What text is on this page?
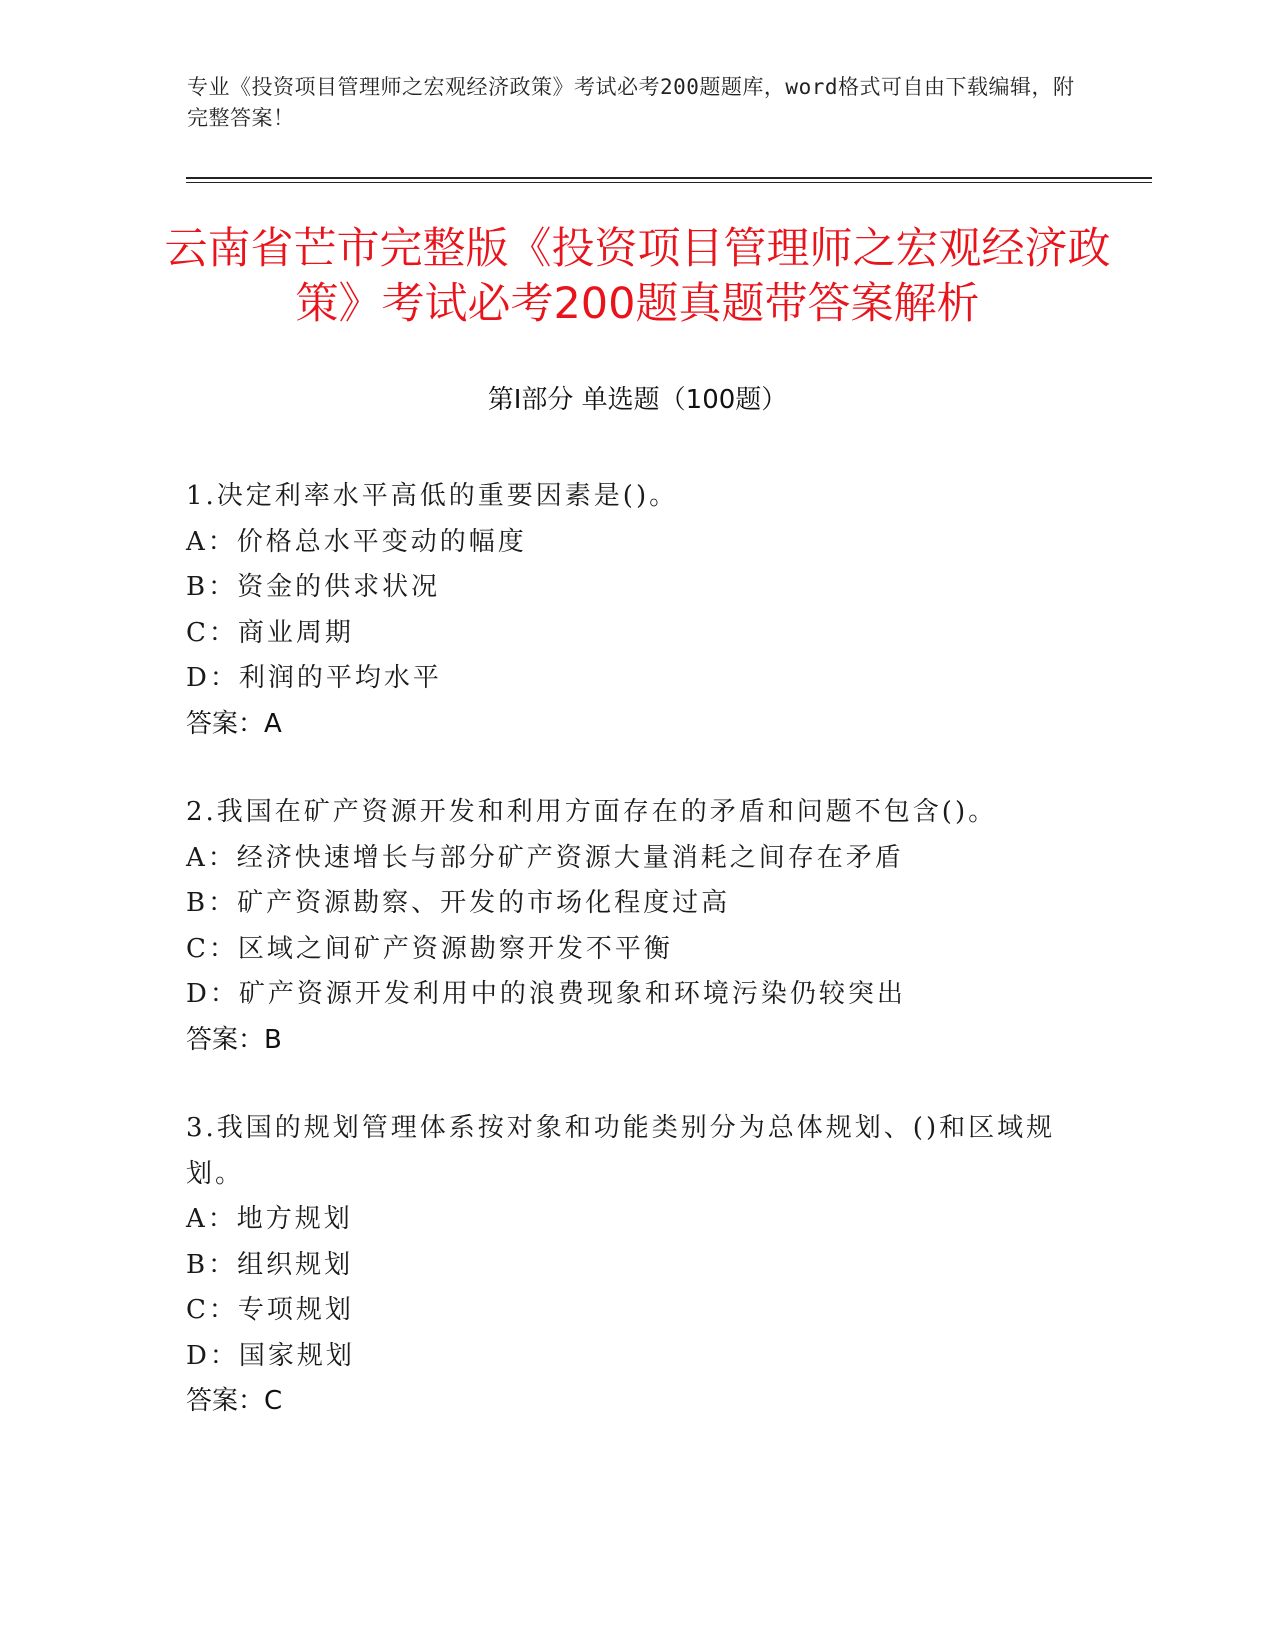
专业《投资项目管理师之宏观经济政策》考试必考200题题库，word格式可自由下载编辑，附完整答案！
云南省芒市完整版《投资项目管理师之宏观经济政策》考试必考200题真题带答案解析
第Ⅰ部分 单选题（100题）

1.决定利率水平高低的重要因素是()。

A：价格总水平变动的幅度

B：资金的供求状况

C：商业周期

D：利润的平均水平

答案：A

2.我国在矿产资源开发和利用方面存在的矛盾和问题不包含()。

A：经济快速增长与部分矿产资源大量消耗之间存在矛盾

B：矿产资源勘察、开发的市场化程度过高

C：区域之间矿产资源勘察开发不平衡

D：矿产资源开发利用中的浪费现象和环境污染仍较突出

答案：B

3.我国的规划管理体系按对象和功能类别分为总体规划、()和区域规划。

A：地方规划

B：组织规划

C：专项规划

D：国家规划

答案：C
